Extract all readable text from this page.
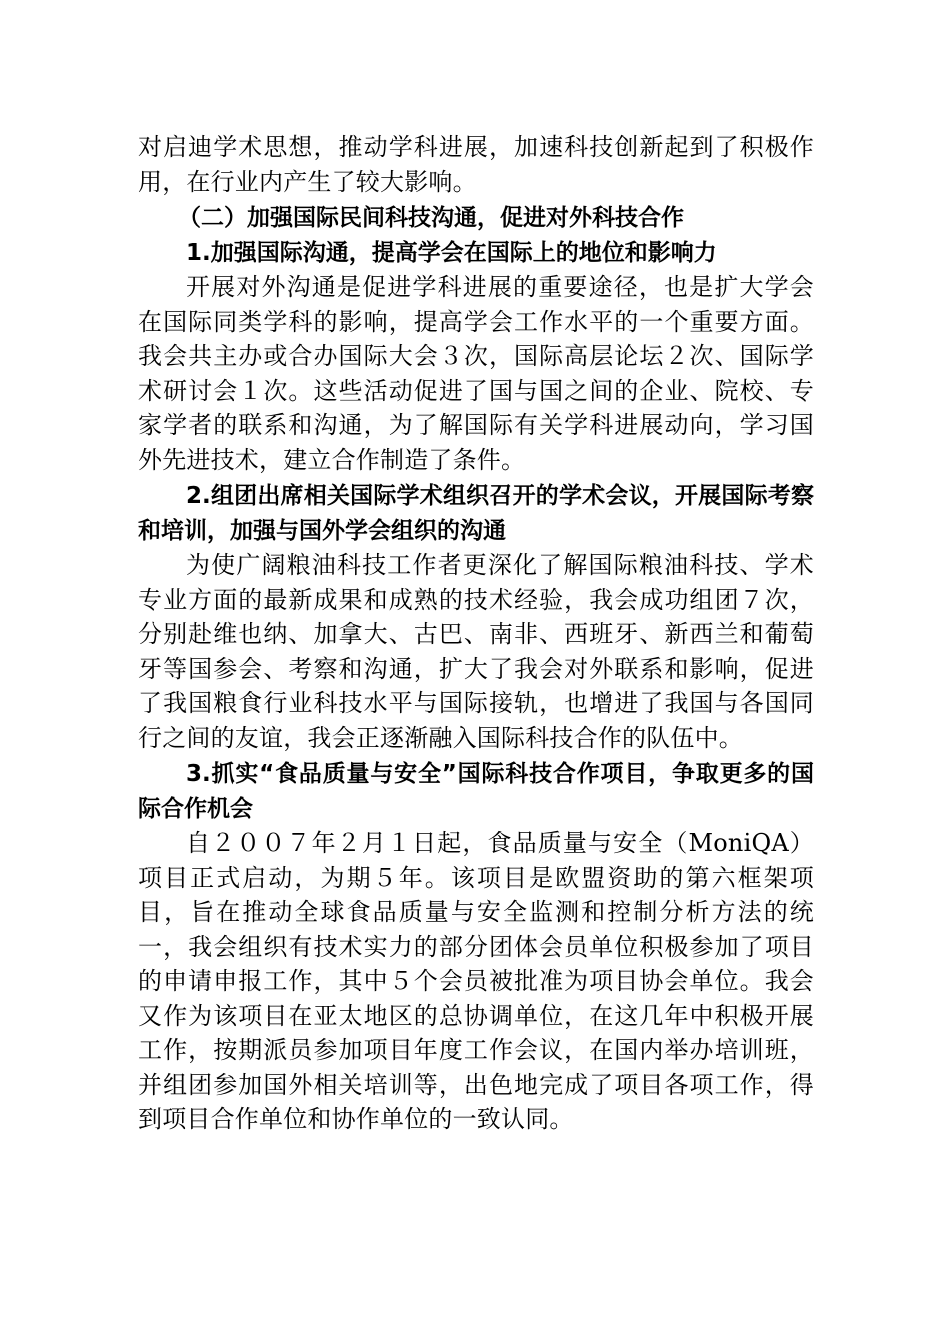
对启迪学术思想，推动学科进展，加速科技创新起到了积极作用，在行业内产生了较大影响。

（二）加强国际民间科技沟通，促进对外科技合作

1.加强国际沟通，提高学会在国际上的地位和影响力

开展对外沟通是促进学科进展的重要途径，也是扩大学会在国际同类学科的影响，提高学会工作水平的一个重要方面。我会共主办或合办国际大会３次，国际高层论坛２次、国际学术研讨会１次。这些活动促进了国与国之间的企业、院校、专家学者的联系和沟通，为了解国际有关学科进展动向，学习国外先进技术，建立合作制造了条件。

2.组团出席相关国际学术组织召开的学术会议，开展国际考察和培训，加强与国外学会组织的沟通

为使广阔粮油科技工作者更深化了解国际粮油科技、学术专业方面的最新成果和成熟的技术经验，我会成功组团７次，分别赴维也纳、加拿大、古巴、南非、西班牙、新西兰和葡萄牙等国参会、考察和沟通，扩大了我会对外联系和影响，促进了我国粮食行业科技水平与国际接轨，也增进了我国与各国同行之间的友谊，我会正逐渐融入国际科技合作的队伍中。

3.抓实“食品质量与安全”国际科技合作项目，争取更多的国际合作机会

自２００７年２月１日起，食品质量与安全（MoniQA）项目正式启动，为期５年。该项目是欧盟资助的第六框架项目，旨在推动全球食品质量与安全监测和控制分析方法的统一，我会组织有技术实力的部分团体会员单位积极参加了项目的申请申报工作，其中５个会员被批准为项目协会单位。我会又作为该项目在亚太地区的总协调单位，在这几年中积极开展工作，按期派员参加项目年度工作会议，在国内举办培训班，并组团参加国外相关培训等，出色地完成了项目各项工作，得到项目合作单位和协作单位的一致认同。
